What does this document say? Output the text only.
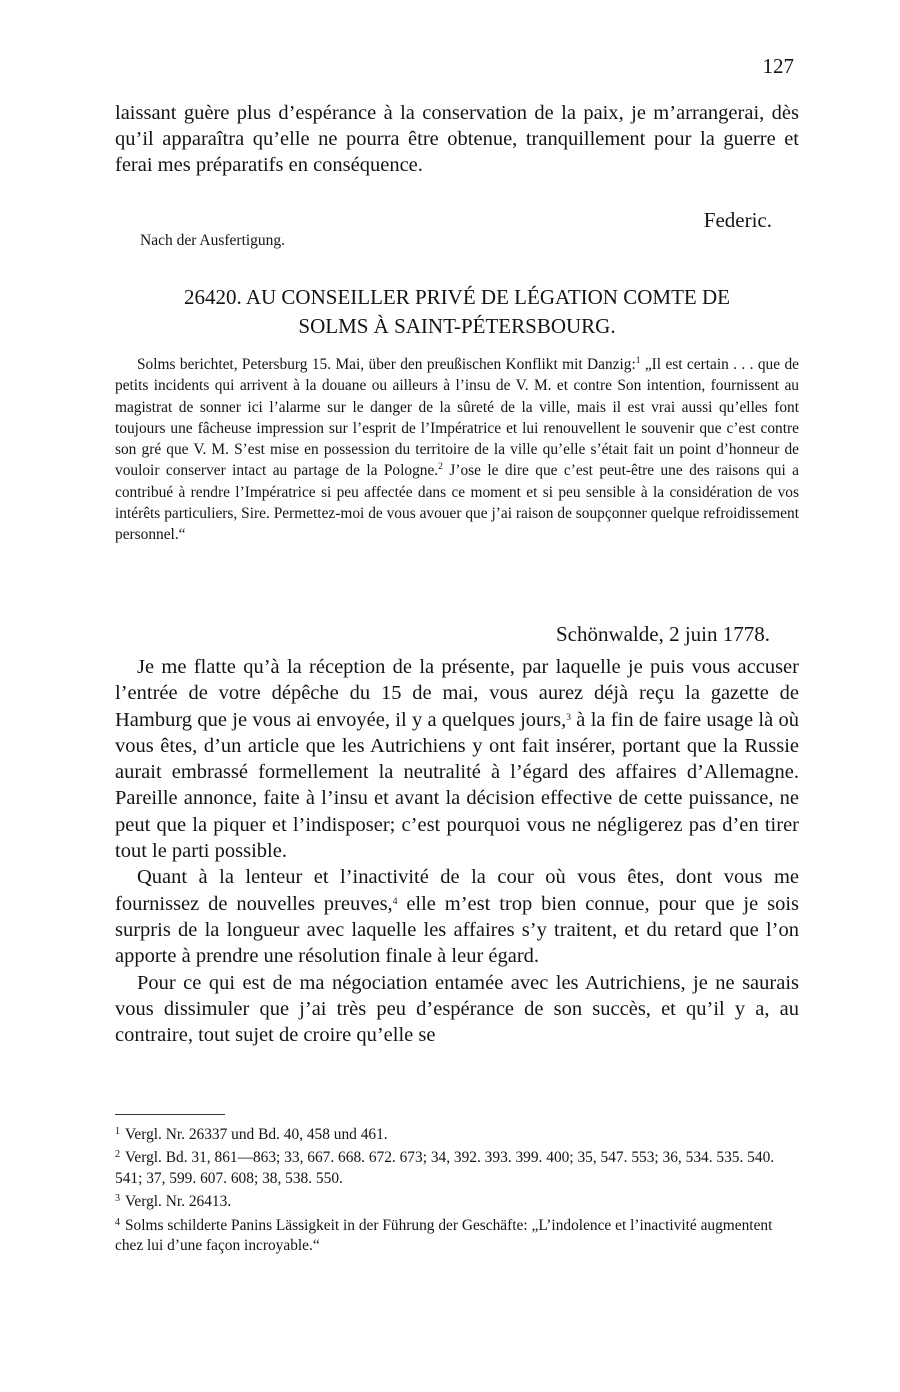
127

laissant guère plus d’espérance à la conservation de la paix, je m’arrangerai, dès qu’il apparaîtra qu’elle ne pourra être obtenue, tranquillement pour la guerre et ferai mes préparatifs en conséquence.

Federic.
Nach der Ausfertigung.
26420. AU CONSEILLER PRIVÉ DE LÉGATION COMTE DE
SOLMS À SAINT-PÉTERSBOURG.

Solms berichtet, Petersburg 15. Mai, über den preußischen Konflikt mit Danzig:$^1$ „Il est certain . . . que de petits incidents qui arrivent à la douane ou ailleurs à l’insu de V. M. et contre Son intention, fournissent au magistrat de sonner ici l’alarme sur le danger de la sûreté de la ville, mais il est vrai aussi qu’elles font toujours une fâcheuse impression sur l’esprit de l’Impératrice et lui renouvellent le souvenir que c’est contre son gré que V. M. S’est mise en possession du territoire de la ville qu’elle s’était fait un point d’honneur de vouloir conserver intact au partage de la Pologne.$^2$ J’ose le dire que c’est peut-être une des raisons qui a contribué à rendre l’Impératrice si peu affectée dans ce moment et si peu sensible à la considération de vos intérêts particuliers, Sire. Permettez-moi de vous avouer que j’ai raison de soupçonner quelque refroidissement personnel.“

Schönwalde, 2 juin 1778.

Je me flatte qu’à la réception de la présente, par laquelle je puis vous accuser l’entrée de votre dépêche du 15 de mai, vous aurez déjà reçu la gazette de Hamburg que je vous ai envoyée, il y a quelques jours,$^3$ à la fin de faire usage là où vous êtes, d’un article que les Autrichiens y ont fait insérer, portant que la Russie aurait embrassé formellement la neutralité à l’égard des affaires d’Allemagne. Pareille annonce, faite à l’insu et avant la décision effective de cette puissance, ne peut que la piquer et l’indisposer; c’est pourquoi vous ne négligerez pas d’en tirer tout le parti possible.

Quant à la lenteur et l’inactivité de la cour où vous êtes, dont vous me fournissez de nouvelles preuves,$^4$ elle m’est trop bien connue, pour que je sois surpris de la longueur avec laquelle les affaires s’y traitent, et du retard que l’on apporte à prendre une résolution finale à leur égard.

Pour ce qui est de ma négociation entamée avec les Autrichiens, je ne saurais vous dissimuler que j’ai très peu d’espérance de son succès, et qu’il y a, au contraire, tout sujet de croire qu’elle se

$^1$ Vergl. Nr. 26337 und Bd. 40, 458 und 461.

$^2$ Vergl. Bd. 31, 861—863; 33, 667. 668. 672. 673; 34, 392. 393. 399. 400; 35, 547. 553; 36, 534. 535. 540. 541; 37, 599. 607. 608; 38, 538. 550.

$^3$ Vergl. Nr. 26413.

$^4$ Solms schilderte Panins Lässigkeit in der Führung der Geschäfte: „L’indolence et l’inactivité augmentent chez lui d’une façon incroyable.“
